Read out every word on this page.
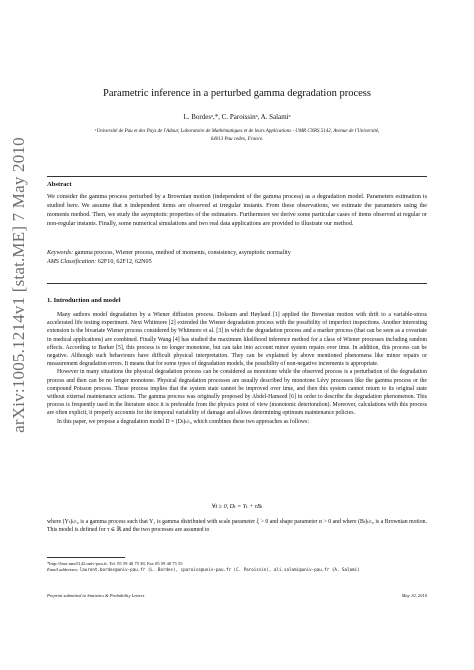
arXiv:1005.1214v1 [stat.ME] 7 May 2010
Parametric inference in a perturbed gamma degradation process
L. Bordesᵃ,*, C. Paroissinᵃ, A. Salamiᵃ
ᵃUniversité de Pau et des Pays de l'Adour, Laboratoire de Mathématiques et de leurs Applications - UMR CNRS 5142, Avenue de l'Université,
64013 Pau cedex, France.
Abstract
We consider the gamma process perturbed by a Brownian motion (independent of the gamma process) as a degradation model. Parameters estimation is studied here. We assume that n independent items are observed at irregular instants. From these observations, we estimate the parameters using the moments method. Then, we study the asymptotic properties of the estimators. Furthermore we derive some particular cases of items observed at regular or non-regular instants. Finally, some numerical simulations and two real data applications are provided to illustrate our method.
Keywords: gamma process, Wiener process, method of moments, consistency, asymptotic normality
AMS Classification: 62F10, 62F12, 62N05
1. Introduction and model

Many authors model degradation by a Wiener diffusion process. Doksum and Høyland [1] applied the Brownian motion with drift to a variable-stress accelerated life testing experiment. Next Whitmore [2] extended the Wiener degradation process with the possibility of imperfect inspections. Another interesting extension is the bivariate Wiener process considered by Whitmore et al. [3] in which the degradation process and a marker process (that can be seen as a covariate in medical applications) are combined. Finally Wang [4] has studied the maximum likelihood inference method for a class of Wiener processes including random effects. According to Barker [5], this process is no longer monotone, but can take into account minor system repairs over time. In addition, this process can be negative. Although such behaviours have difficult physical interpretation. They can be explained by above mentioned phenomena like minor repairs or measurement degradation errors. It means that for some types of degradation models, the possibility of non-negative increments is appropriate.

However in many situations the physical degradation process can be considered as monotone while the observed process is a perturbation of the degradation process and then can be no longer monotone. Physical degradation processes are usually described by monotone Lévy processes like the gamma process or the compound Poisson process. These process implies that the system state cannot be improved over time, and then this system cannot return to its original state without external maintenance actions. The gamma process was originally proposed by Abdel-Hameed [6] in order to describe the degradation phenomenon. This process is frequently used in the literature since it is preferable from the physics point of view (monotonic deterioration). Moreover, calculations with this process are often explicit, it properly accounts for the temporal variability of damage and allows determining optimum maintenance policies.

In this paper, we propose a degradation model D = (Dₜ)ₜ≥₀ which combines these two approaches as follows:

∀t ≥ 0, Dₜ = Yₜ + τBₜ
where (Yₜ)ₜ≥₀ is a gamma process such that Y₁ is gamma distributed with scale parameter ξ > 0 and shape parameter α > 0 and where (Bₜ)ₜ≥₀ is a Brownian motion. This model is defined for τ ∈ ℝ and the two processes are assumed to
*http://lma-umr5142.univ-pau.fr, Tel. 05 59 40 75 38, Fax 05 59 40 75 55
Email addresses: laurent.bordes@univ-pau.fr (L. Bordes), cparoiss@univ-pau.fr (C. Paroissin), ali.salami@univ-pau.fr (A. Salami)
Preprint submitted to Statistics & Probability Letters	May 10, 2010
